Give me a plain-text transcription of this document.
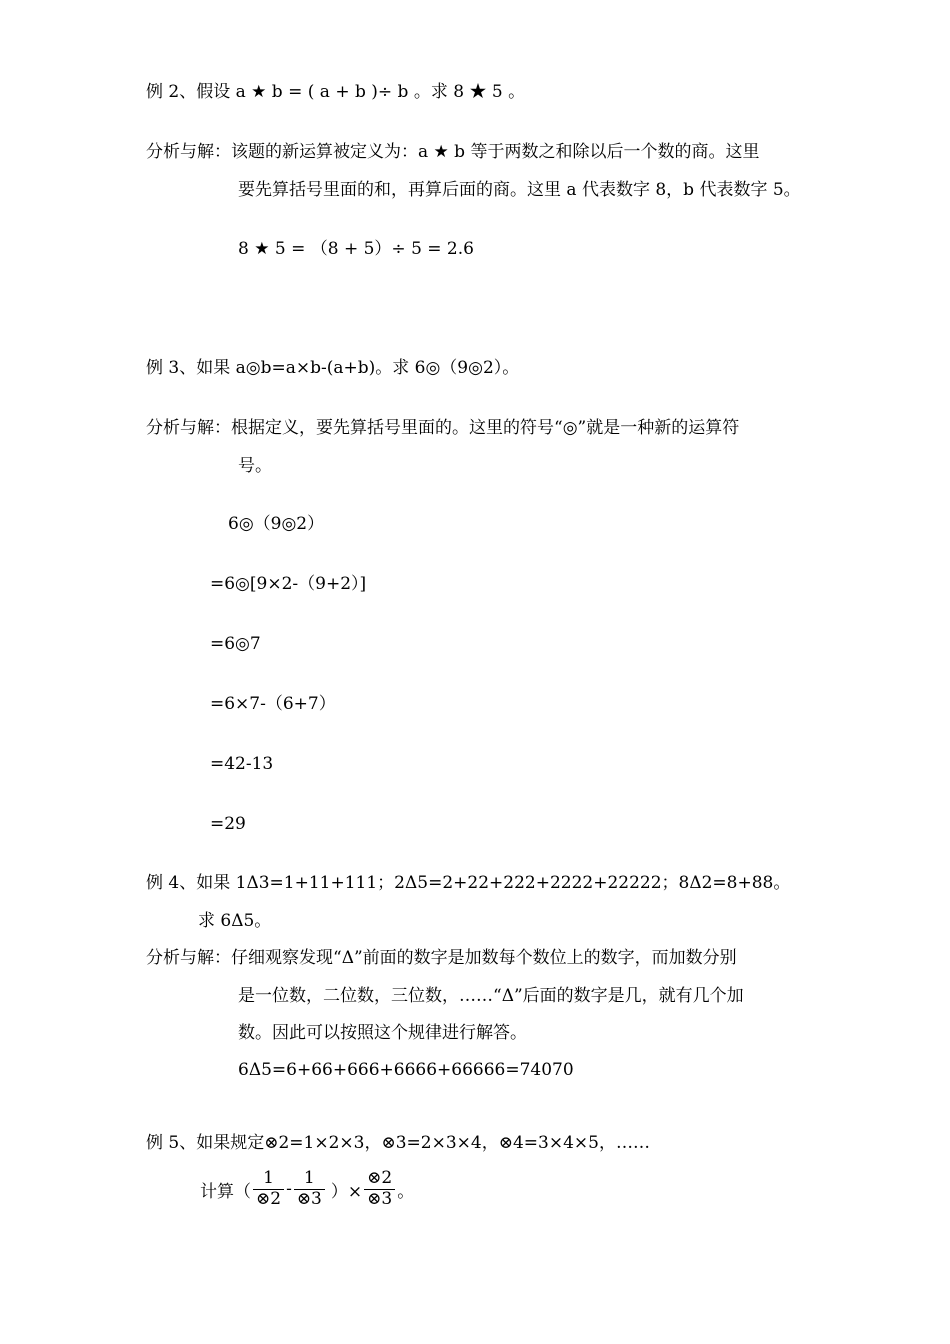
例 2、假设 a ★ b = ( a + b )÷ b 。求 8 ★ 5 。
分析与解：该题的新运算被定义为：a ★ b 等于两数之和除以后一个数的商。这里
要先算括号里面的和，再算后面的商。这里 a 代表数字 8，b 代表数字 5。
8 ★ 5 = （8 + 5）÷ 5 = 2.6
例 3、如果 a◎b=a×b-(a+b)。求 6◎（9◎2）。
分析与解：根据定义，要先算括号里面的。这里的符号“◎”就是一种新的运算符
号。
6◎（9◎2）
=6◎[9×2-（9+2）]
=6◎7
=6×7-（6+7）
=42-13
=29
例 4、如果 1Δ3=1+11+111；2Δ5=2+22+222+2222+22222；8Δ2=8+88。
求 6Δ5。
分析与解：仔细观察发现“Δ”前面的数字是加数每个数位上的数字，而加数分别
是一位数，二位数，三位数，……“Δ”后面的数字是几，就有几个加
数。因此可以按照这个规律进行解答。
6Δ5=6+66+666+6666+66666=74070
例 5、如果规定⊗2=1×2×3，⊗3=2×3×4，⊗4=3×4×5，……
计算（ $\frac{1}{\otimes 2} - \frac{1}{\otimes 3}$ ）× $\frac{\otimes 2}{\otimes 3}$ 。
